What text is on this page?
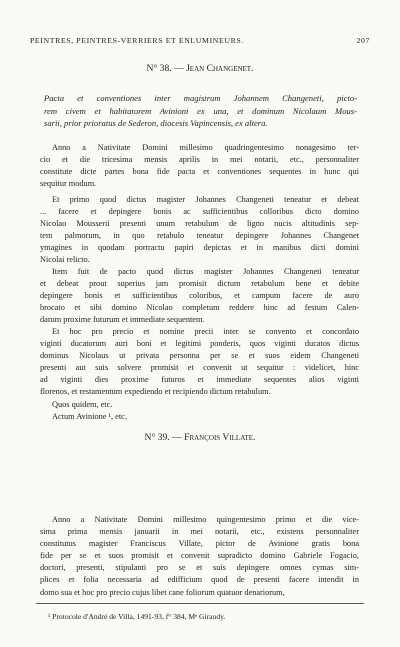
PEINTRES, PEINTRES-VERRIERS ET ENLUMINEURS.	207
N° 38. — Jean Changenet.
Pacta et conventiones inter magistrum Johannem Changeneti, picto-
rem civem et habitatorem Avinioni ex una, et dominum Nicolaum Mous-
sarii, prior prioratus de Sederon, diocesis Vapincensis, ex altera.
Anno a Nativitate Domini millesimo quadringentesimo nonagesimo ter-
cio et die tricesima mensis aprilis in mei notarii, etc., personnaliter
constitute dicte partes bona fide pacta et conventiones sequentes in hunc qui
sequitur modum.
Et primo quod dictus magister Johannes Changeneti teneatur et debeat
... facere et depingere bonis ac sufficientibus colloribus dicto domino
Nicolao Mousserii presenti unum retabulum de ligno nucis altitudinis sep-
tem palmorum, in quo retabulo teneatur depingere Johannes Changenet
ymagines in quodam portractu papiri depictas et in manibus dicti domini
Nicolai relicto.
Item fuit de pacto quod dictus magister Johannes Changeneti teneatur
et debeat prout superius jam promisit dictum retabulum bene et debite
depingere bonis et sufficientibus coloribus, et campum facere de auro
brocato et sibi domino Nicolao completum reddere hinc ad festum Calen-
darum proxime futurum et immediate sequentem.
Et hoc pro precio et nomine precii inter se convento et concordato
viginti ducatorum auri boni et legitimi ponderis, quos viginti ducatos dictus
dominus Nicolaus ut privata personna per se et suos eidem Changeneti
presenti aut suis solvere promisit et convenit ut sequitur : videlicet, hinc
ad viginti dies proxime futuros et immediate sequentes alios viginti
florenos, et restamentum expediendo et recipiendo dictum retabulum.
Quos quidem, etc.
Actum Avinione ¹, etc.
N° 39. — François Villate.
Anno a Nativitate Domini millesimo quingentesimo primo et die vice-
sima prima mensis januarii in mei notarii, etc., existens personnaliter
constitutus magister Franciscus Villate, pictor de Avinione gratis bona
fide per se et suos promisit et convenit supradicto domino Gabriele Fogacio,
doctori, presenti, stipulanti pro se et suis depingere omnes cymas sim-
plices et folia necessaria ad edifficium quod de presenti facere intendit in
domo sua et hoc pro precio cujus libet cane foliorum quatuor denariorum,
¹ Protocole d'André de Villa, 1491-93, f° 384, Mᵉ Giraudy.
